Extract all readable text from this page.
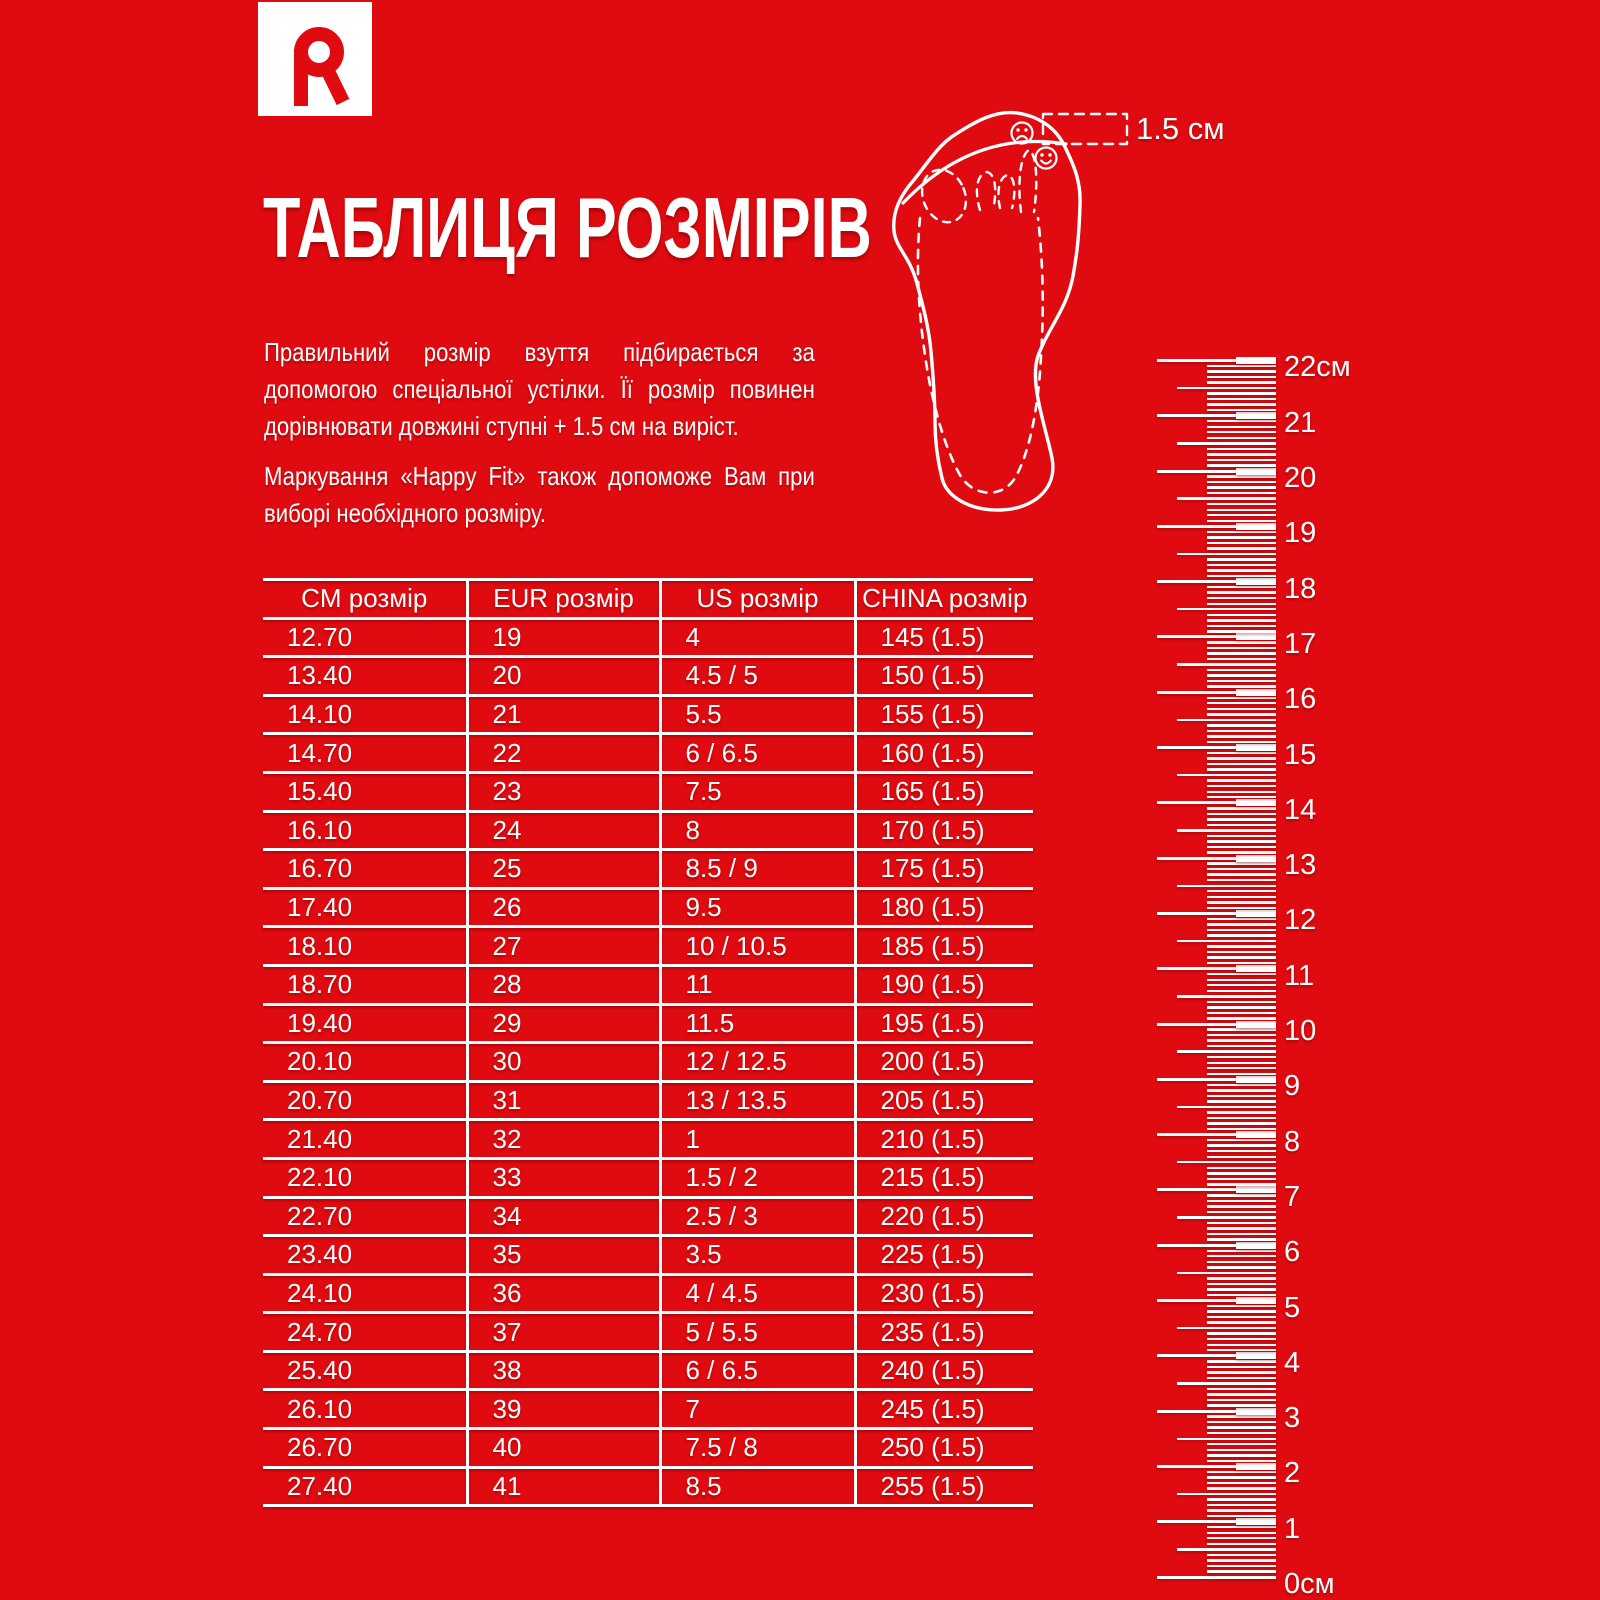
ТАБЛИЦЯ РОЗМІРІВ

Правильний розмір взуття підбирається за допомогою спеціальної устілки. Її розмір повинен дорівнювати довжині ступні + 1.5 см на виріст.

Маркування «Happy Fit» також допоможе Вам при виборі необхідного розміру.

CM розмір	EUR розмір	US розмір	CHINA розмір
12.70	19	4	145 (1.5)
13.40	20	4.5 / 5	150 (1.5)
14.10	21	5.5	155 (1.5)
14.70	22	6 / 6.5	160 (1.5)
15.40	23	7.5	165 (1.5)
16.10	24	8	170 (1.5)
16.70	25	8.5 / 9	175 (1.5)
17.40	26	9.5	180 (1.5)
18.10	27	10 / 10.5	185 (1.5)
18.70	28	11	190 (1.5)
19.40	29	11.5	195 (1.5)
20.10	30	12 / 12.5	200 (1.5)
20.70	31	13 / 13.5	205 (1.5)
21.40	32	1	210 (1.5)
22.10	33	1.5 / 2	215 (1.5)
22.70	34	2.5 / 3	220 (1.5)
23.40	35	3.5	225 (1.5)
24.10	36	4 / 4.5	230 (1.5)
24.70	37	5 / 5.5	235 (1.5)
25.40	38	6 / 6.5	240 (1.5)
26.10	39	7	245 (1.5)
26.70	40	7.5 / 8	250 (1.5)
27.40	41	8.5	255 (1.5)
1.5 см
0см
1
2
3
4
5
6
7
8
9
10
11
12
13
14
15
16
17
18
19
20
21
22см
